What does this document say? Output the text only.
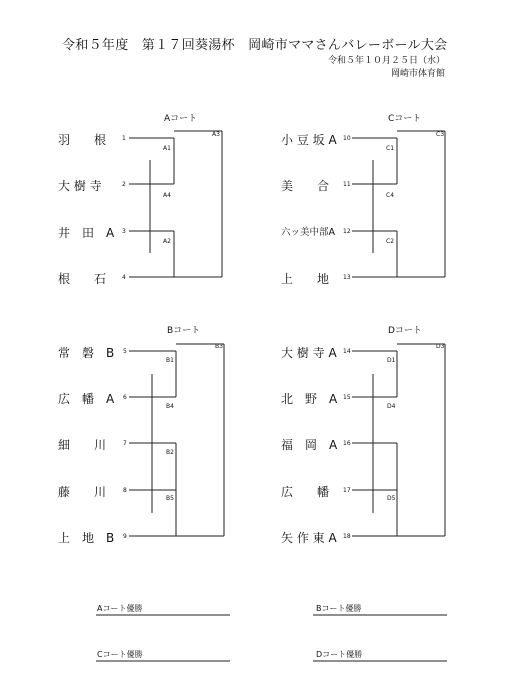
令和５年度　第１７回葵湯杯　岡崎市ママさんバレーボール大会
令和５年１０月２５日（水）
岡崎市体育館
Aコート	Cコート
Bコート	Dコート
羽　　根	1
大 樹 寺	2
井　田　A 3
根　　石	4
A1
A4
A2
A3	小 豆 坂 A 10
美　　合 11
六ッ美中部A 12
上　　地 13
C1
C4
C2
C3
常　磐　B 5
広　幡　A 6
細　　川	7
藤　　川	8
上　地　B 9
B1
B4
B2
B5
B3	大 樹 寺 A 14
北　野　A 15
福　岡　A 16
広　　幡 17
矢 作 東 A 18
D1
D4
D5
D3
Aコート優勝	Bコート優勝
Cコート優勝	Dコート優勝
